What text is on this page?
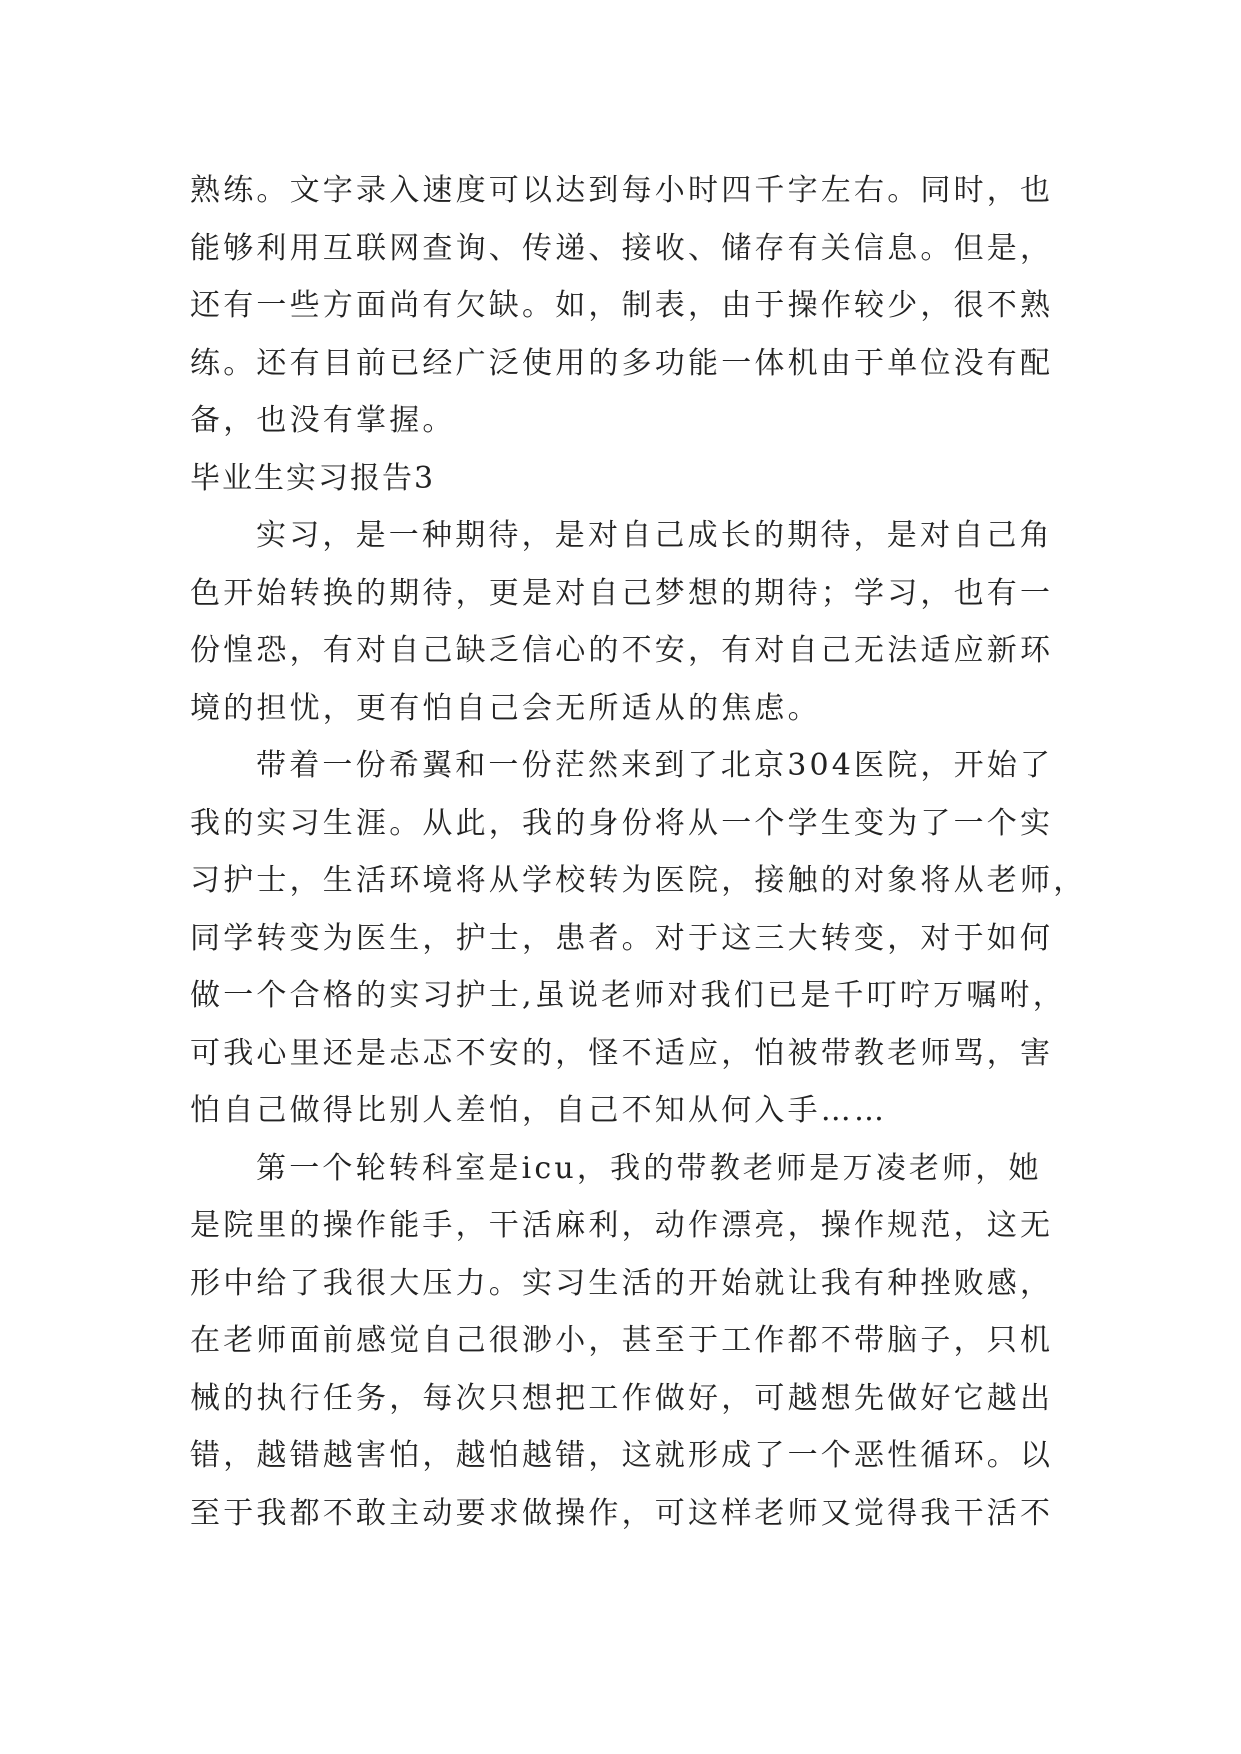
熟练。文字录入速度可以达到每小时四千字左右。同时，也
能够利用互联网查询、传递、接收、储存有关信息。但是，
还有一些方面尚有欠缺。如，制表，由于操作较少，很不熟
练。还有目前已经广泛使用的多功能一体机由于单位没有配
备，也没有掌握。
毕业生实习报告3
实习，是一种期待，是对自己成长的期待，是对自己角
色开始转换的期待，更是对自己梦想的期待；学习，也有一
份惶恐，有对自己缺乏信心的不安，有对自己无法适应新环
境的担忧，更有怕自己会无所适从的焦虑。
带着一份希翼和一份茫然来到了北京304医院，开始了
我的实习生涯。从此，我的身份将从一个学生变为了一个实
习护士，生活环境将从学校转为医院，接触的对象将从老师，
同学转变为医生，护士，患者。对于这三大转变，对于如何
做一个合格的实习护士,虽说老师对我们已是千叮咛万嘱咐，
可我心里还是忐忑不安的，怪不适应，怕被带教老师骂，害
怕自己做得比别人差怕，自己不知从何入手……
第一个轮转科室是icu，我的带教老师是万凌老师，她
是院里的操作能手，干活麻利，动作漂亮，操作规范，这无
形中给了我很大压力。实习生活的开始就让我有种挫败感，
在老师面前感觉自己很渺小，甚至于工作都不带脑子，只机
械的执行任务，每次只想把工作做好，可越想先做好它越出
错，越错越害怕，越怕越错，这就形成了一个恶性循环。以
至于我都不敢主动要求做操作，可这样老师又觉得我干活不
